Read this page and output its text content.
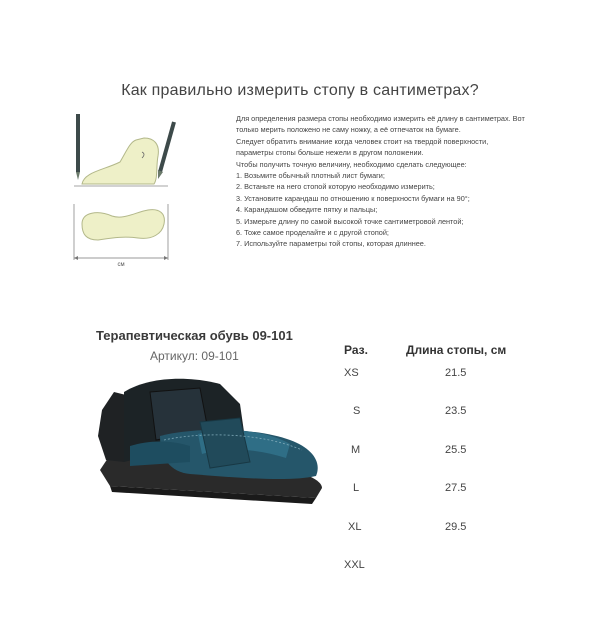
Как правильно измерить стопу в сантиметрах?
см

Для определения размера стопы необходимо измерить её длину в сантиметрах. Вот только мерить положено не саму ножку, а её отпечаток на бумаге.

Следует обратить внимание когда человек стоит на твердой поверхности, параметры стопы больше нежели в другом положении.

Чтобы получить точную величину, необходимо сделать следующее:

1. Возьмите обычный плотный лист бумаги;

2. Встаньте на него стопой которую необходимо измерить;

3. Установите карандаш по отношению к поверхности бумаги на 90°;

4. Карандашом обведите пятку и пальцы;

5. Измерьте длину по самой высокой точке сантиметровой лентой;

6. Тоже самое проделайте и с другой стопой;

7. Используйте параметры той стопы, которая длиннее.

Терапевтическая обувь 09-101
Артикул: 09-101	Раз.	Длина стопы, см
XS	21.5
S	23.5
M	25.5
L	27.5
XL	29.5
XXL
